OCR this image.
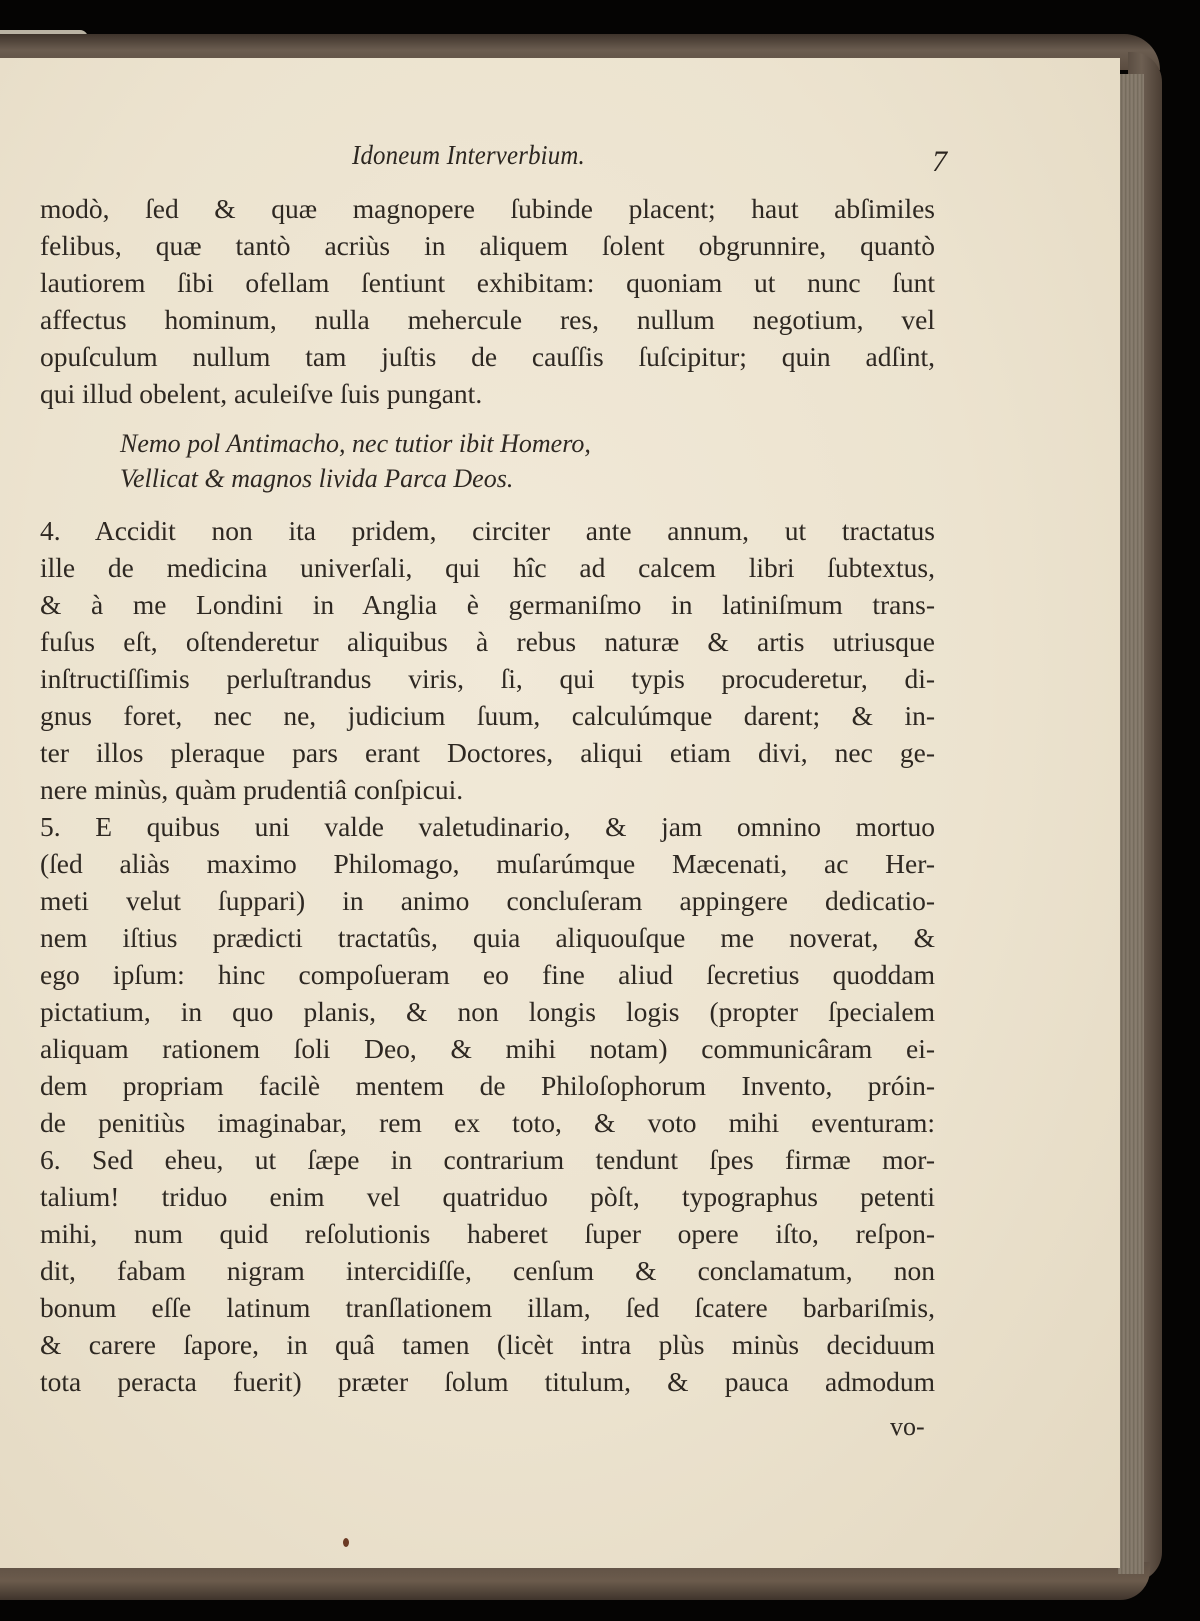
Idoneum Interverbium.	7
modò, ſed & quæ magnopere ſubinde placent; haut abſimiles
felibus, quæ tantò acriùs in aliquem ſolent obgrunnire, quantò
lautiorem ſibi ofellam ſentiunt exhibitam: quoniam ut nunc ſunt
affectus hominum, nulla mehercule res, nullum negotium, vel
opuſculum nullum tam juſtis de cauſſis ſuſcipitur; quin adſint,
qui illud obelent, aculeiſve ſuis pungant.
Nemo pol Antimacho, nec tutior ibit Homero,
Vellicat & magnos livida Parca Deos.
4. Accidit non ita pridem, circiter ante annum, ut tractatus
ille de medicina univerſali, qui hîc ad calcem libri ſubtextus,
& à me Londini in Anglia è germaniſmo in latiniſmum trans-
fuſus eſt, oſtenderetur aliquibus à rebus naturæ & artis utriusque
inſtructiſſimis perluſtrandus viris, ſi, qui typis procuderetur, di-
gnus foret, nec ne, judicium ſuum, calculúmque darent; & in-
ter illos pleraque pars erant Doctores, aliqui etiam divi, nec ge-
nere minùs, quàm prudentiâ conſpicui.
5. E quibus uni valde valetudinario, & jam omnino mortuo
(ſed aliàs maximo Philomago, muſarúmque Mæcenati, ac Her-
meti velut ſuppari) in animo concluſeram appingere dedicatio-
nem iſtius prædicti tractatûs, quia aliquouſque me noverat, &
ego ipſum: hinc compoſueram eo fine aliud ſecretius quoddam
pictatium, in quo planis, & non longis logis (propter ſpecialem
aliquam rationem ſoli Deo, & mihi notam) communicâram ei-
dem propriam facilè mentem de Philoſophorum Invento, próin-
de penitiùs imaginabar, rem ex toto, & voto mihi eventuram:
6. Sed eheu, ut ſæpe in contrarium tendunt ſpes firmæ mor-
talium! triduo enim vel quatriduo pòſt, typographus petenti
mihi, num quid reſolutionis haberet ſuper opere iſto, reſpon-
dit, fabam nigram intercidiſſe, cenſum & conclamatum, non
bonum eſſe latinum tranſlationem illam, ſed ſcatere barbariſmis,
& carere ſapore, in quâ tamen (licèt intra plùs minùs deciduum
tota peracta fuerit) præter ſolum titulum, & pauca admodum
vo-
